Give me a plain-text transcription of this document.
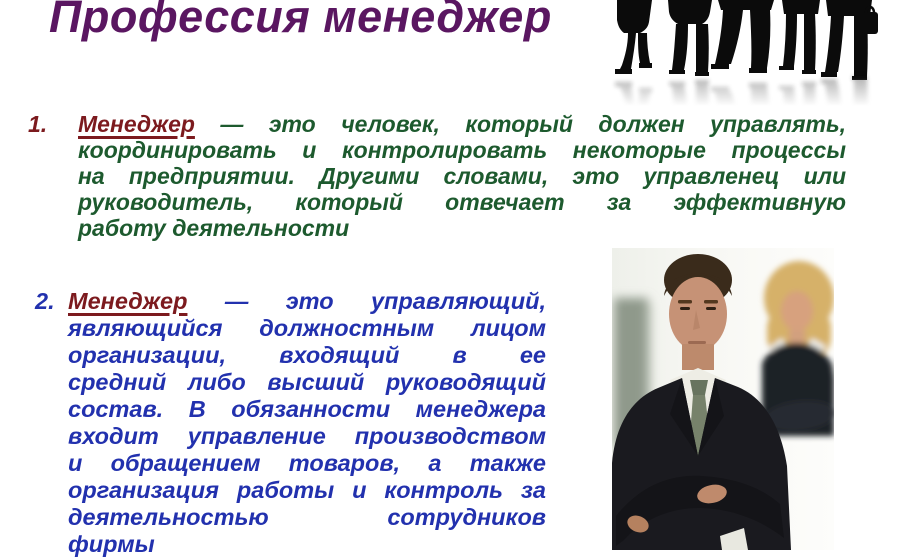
Профессия менеджер
1. Менеджер — это человек, который должен управлять,
координировать и контролировать некоторые процессы
на предприятии. Другими словами, это управленец или
руководитель, который отвечает за эффективную
работу деятельности
2. Менеджер — это управляющий,
являющийся должностным лицом
организации, входящий в ее
средний либо высший руководящий
состав. В обязанности менеджера
входит управление производством
и обращением товаров, а также
организация работы и контроль за
деятельностью сотрудников
фирмы
